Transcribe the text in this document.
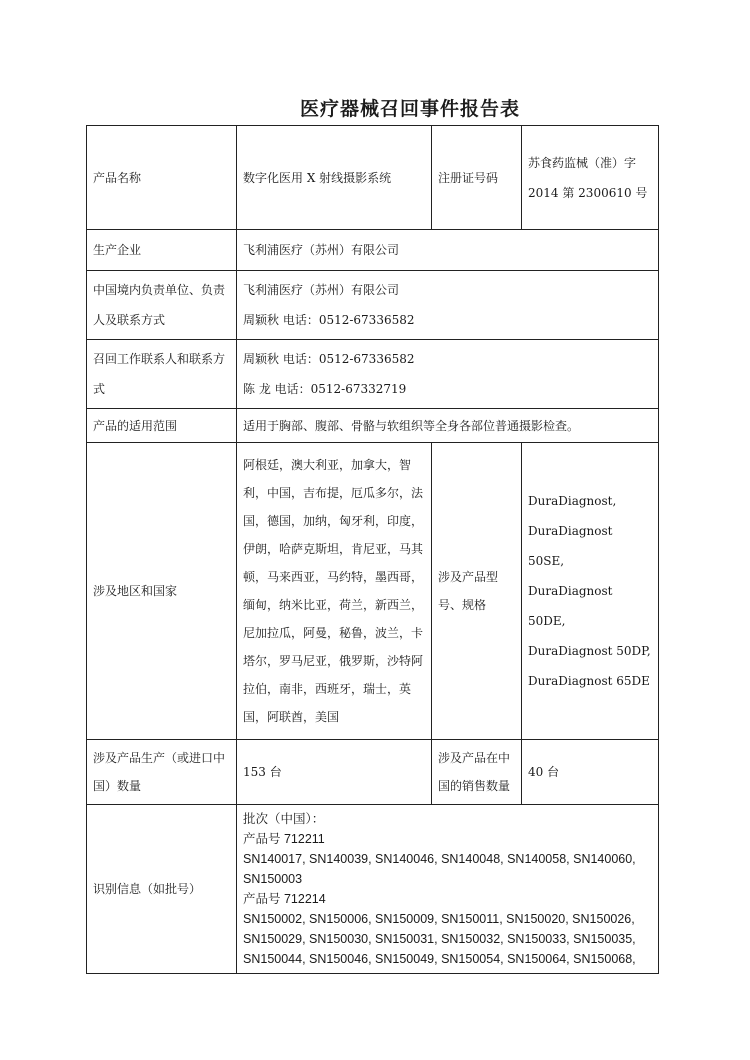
医疗器械召回事件报告表
产品名称	数字化医用 X 射线摄影系统	注册证号码	苏食药监械（准）字 2014 第 2300610 号
生产企业	飞利浦医疗（苏州）有限公司		
中国境内负责单位、负责人及联系方式	飞利浦医疗（苏州）有限公司
周颖秋 电话：0512-67336582		
召回工作联系人和联系方式	周颖秋 电话：0512-67336582
陈 龙 电话：0512-67332719		
产品的适用范围	适用于胸部、腹部、骨骼与软组织等全身各部位普通摄影检查。		
涉及地区和国家	阿根廷，澳大利亚，加拿大，智利，中国，吉布提，厄瓜多尔，法国，德国，加纳，匈牙利，印度，伊朗，哈萨克斯坦，肯尼亚，马其顿，马来西亚，马约特，墨西哥，缅甸，纳米比亚，荷兰，新西兰，尼加拉瓜，阿曼，秘鲁，波兰，卡塔尔，罗马尼亚，俄罗斯，沙特阿拉伯，南非，西班牙，瑞士，英国，阿联酋，美国	涉及产品型号、规格	DuraDiagnost,
DuraDiagnost 50SE,
DuraDiagnost 50DE,
DuraDiagnost 50DP,
DuraDiagnost 65DE
涉及产品生产（或进口中国）数量	153 台	涉及产品在中国的销售数量	40 台
识别信息（如批号）	批次（中国）：
产品号 712211
SN140017, SN140039, SN140046, SN140048, SN140058, SN140060, SN150003
产品号 712214
SN150002, SN150006, SN150009, SN150011, SN150020, SN150026, SN150029, SN150030, SN150031, SN150032, SN150033, SN150035, SN150044, SN150046, SN150049, SN150054, SN150064, SN150068,		
